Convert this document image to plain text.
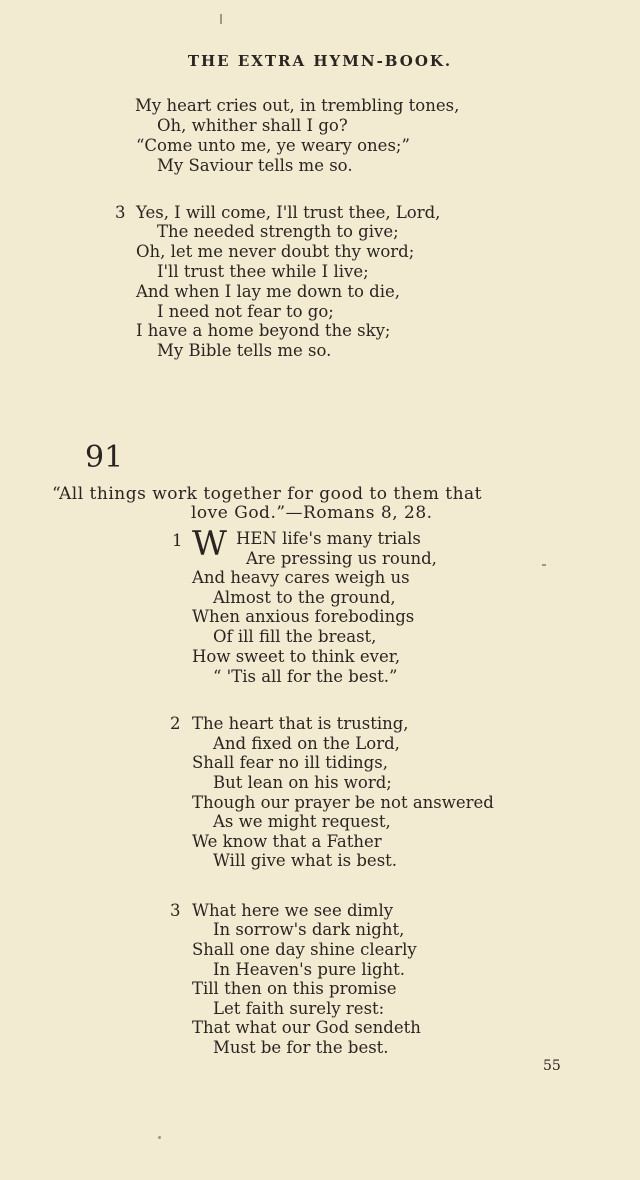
THE EXTRA HYMN-BOOK.
My heart cries out, in trembling tones,
Oh, whither shall I go?
“Come unto me, ye weary ones;”
My Saviour tells me so.
3 Yes, I will come, I'll trust thee, Lord,
The needed strength to give;
Oh, let me never doubt thy word;
I'll trust thee while I live;
And when I lay me down to die,
I need not fear to go;
I have a home beyond the sky;
My Bible tells me so.
91
“All things work together for good to them that
love God.”—Romans 8, 28.
1 W HEN life's many trials
Are pressing us round,
And heavy cares weigh us
Almost to the ground,
When anxious forebodings
Of ill fill the breast,
How sweet to think ever,
“ 'Tis all for the best.”
2 The heart that is trusting,
And fixed on the Lord,
Shall fear no ill tidings,
But lean on his word;
Though our prayer be not answered
As we might request,
We know that a Father
Will give what is best.
3 What here we see dimly
In sorrow's dark night,
Shall one day shine clearly
In Heaven's pure light.
Till then on this promise
Let faith surely rest:
That what our God sendeth
Must be for the best.
55
